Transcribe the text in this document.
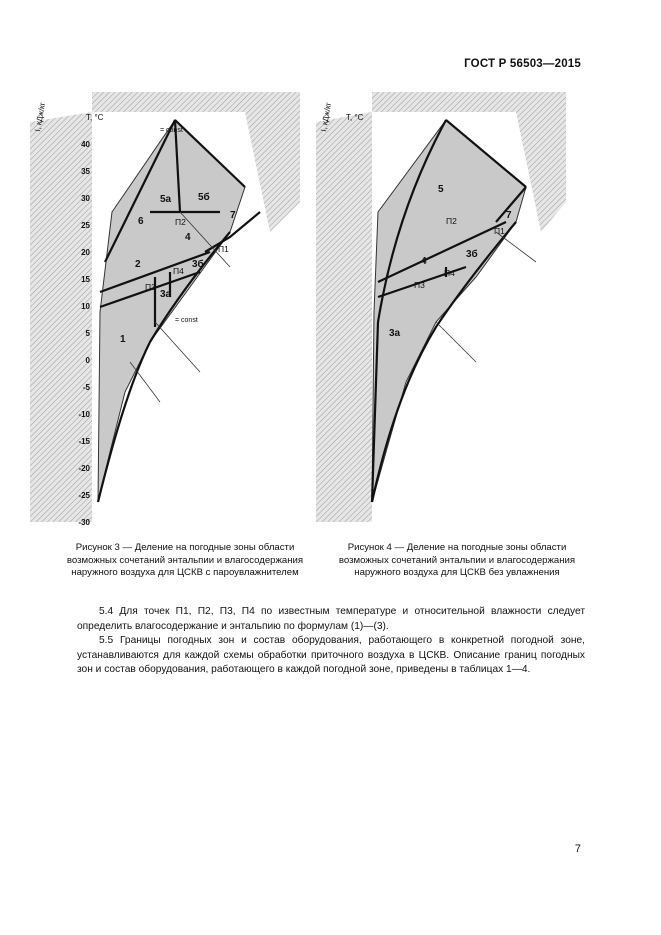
ГОСТ Р 56503—2015
40
35
30
25
20
15
10
5
0
-5
-10
-15
-20
-25
-30
T, °C
I, кДж/кг	= const
= const
1
2
3а
3б
4
5а	5б
6
7
П1
П2
П3
П4
T, °C
I, кДж/кг
3а
3б
4
5
7
П1
П2
П3
П4
Рисунок 3 — Деление на погодные зоны области возможных сочетаний энтальпии и влагосодержания наружного воздуха для ЦСКВ с пароувлажнителем
Рисунок 4 — Деление на погодные зоны области возможных сочетаний энтальпии и влагосодержания наружного воздуха для ЦСКВ без увлажнения

5.4 Для точек П1, П2, П3, П4 по известным температуре и относительной влажности следует определить влагосодержание и энтальпию по формулам (1)—(3).

5.5 Границы погодных зон и состав оборудования, работающего в конкретной погодной зоне, устанавливаются для каждой схемы обработки приточного воздуха в ЦСКВ. Описание границ погодных зон и состав оборудования, работающего в каждой погодной зоне, приведены в таблицах 1—4.

7
